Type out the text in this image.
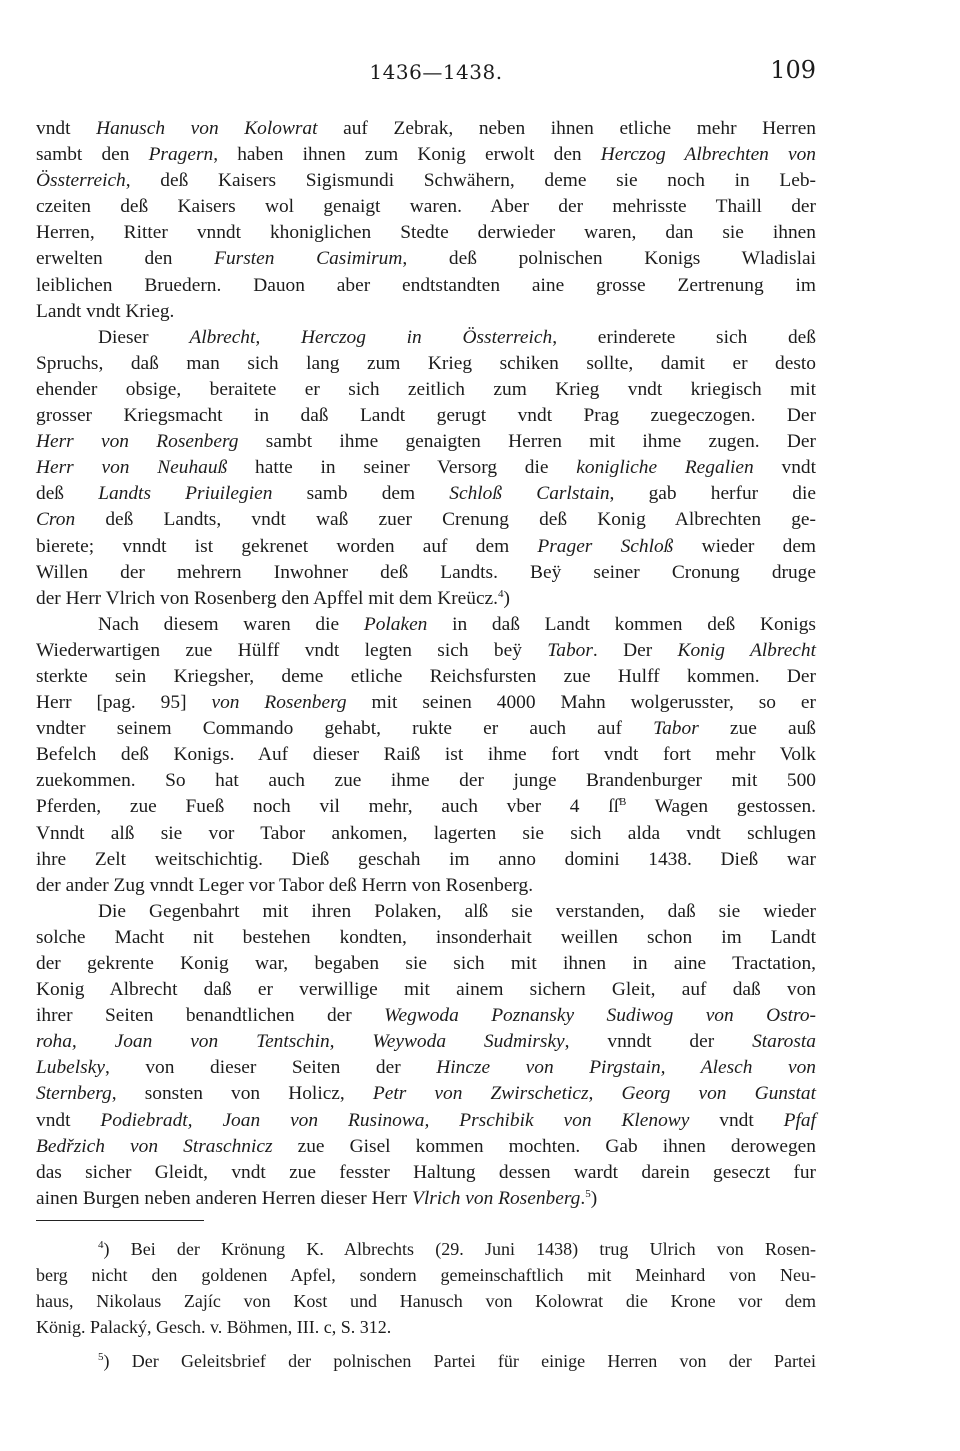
1436—1438.	109
vndt Hanusch von Kolowrat auf Zebrak, neben ihnen etliche mehr Herren
sambt den Pragern, haben ihnen zum Konig erwolt den Herczog Albrechten von
Össterreich, deß Kaisers Sigismundi Schwähern, deme sie noch in Leb-
czeiten deß Kaisers wol genaigt waren. Aber der mehrisste Thaill der
Herren, Ritter vnndt khoniglichen Stedte derwieder waren, dan sie ihnen
erwelten den Fursten Casimirum, deß polnischen Konigs Wladislai
leiblichen Bruedern. Dauon aber endtstandten aine grosse Zertrenung im
Landt vndt Krieg.
Dieser Albrecht, Herczog in Össterreich, erinderete sich deß
Spruchs, daß man sich lang zum Krieg schiken sollte, damit er desto
ehender obsige, beraitete er sich zeitlich zum Krieg vndt kriegisch mit
grosser Kriegsmacht in daß Landt gerugt vndt Prag zuegeczogen. Der
Herr von Rosenberg sambt ihme genaigten Herren mit ihme zugen. Der
Herr von Neuhauß hatte in seiner Versorg die konigliche Regalien vndt
deß Landts Priuilegien samb dem Schloß Carlstain, gab herfur die
Cron deß Landts, vndt waß zuer Crenung deß Konig Albrechten ge-
bierete; vnndt ist gekrenet worden auf dem Prager Schloß wieder dem
Willen der mehrern Inwohner deß Landts. Beÿ seiner Cronung druge
der Herr Vlrich von Rosenberg den Apffel mit dem Kreücz.$^4$)
Nach diesem waren die Polaken in daß Landt kommen deß Konigs
Wiederwartigen zue Hülff vndt legten sich beÿ Tabor. Der Konig Albrecht
sterkte sein Kriegsher, deme etliche Reichsfursten zue Hulff kommen. Der
Herr [pag. 95] von Rosenberg mit seinen 4000 Mahn wolgerusster, so er
vndter seinem Commando gehabt, rukte er auch auf Tabor zue auß
Befelch deß Konigs. Auf dieser Raiß ist ihme fort vndt fort mehr Volk
zuekommen. So hat auch zue ihme der junge Brandenburger mit 500
Pferden, zue Fueß noch vil mehr, auch vber 4 $ſſ^B$ Wagen gestossen.
Vnndt alß sie vor Tabor ankomen, lagerten sie sich alda vndt schlugen
ihre Zelt weitschichtig. Dieß geschah im anno domini 1438. Dieß war
der ander Zug vnndt Leger vor Tabor deß Herrn von Rosenberg.
Die Gegenbahrt mit ihren Polaken, alß sie verstanden, daß sie wieder
solche Macht nit bestehen kondten, insonderhait weillen schon im Landt
der gekrente Konig war, begaben sie sich mit ihnen in aine Tractation,
Konig Albrecht daß er verwillige mit ainem sichern Gleit, auf daß von
ihrer Seiten benandtlichen der Wegwoda Poznansky Sudiwog von Ostro-
roha, Joan von Tentschin, Weywoda Sudmirsky, vnndt der Starosta
Lubelsky, von dieser Seiten der Hincze von Pirgstain, Alesch von
Sternberg, sonsten von Holicz, Petr von Zwirscheticz, Georg von Gunstat
vndt Podiebradt, Joan von Rusinowa, Prschibik von Klenowy vndt Pfaf
Bedřzich von Straschnicz zue Gisel kommen mochten. Gab ihnen derowegen
das sicher Gleidt, vndt zue fesster Haltung dessen wardt darein geseczt fur
ainen Burgen neben anderen Herren dieser Herr Vlrich von Rosenberg.$^5$)
$^4$) Bei der Krönung K. Albrechts (29. Juni 1438) trug Ulrich von Rosen-
berg nicht den goldenen Apfel, sondern gemeinschaftlich mit Meinhard von Neu-
haus, Nikolaus Zajíc von Kost und Hanusch von Kolowrat die Krone vor dem
König. Palacký, Gesch. v. Böhmen, III. c, S. 312.
$^5$) Der Geleitsbrief der polnischen Partei für einige Herren von der Partei
